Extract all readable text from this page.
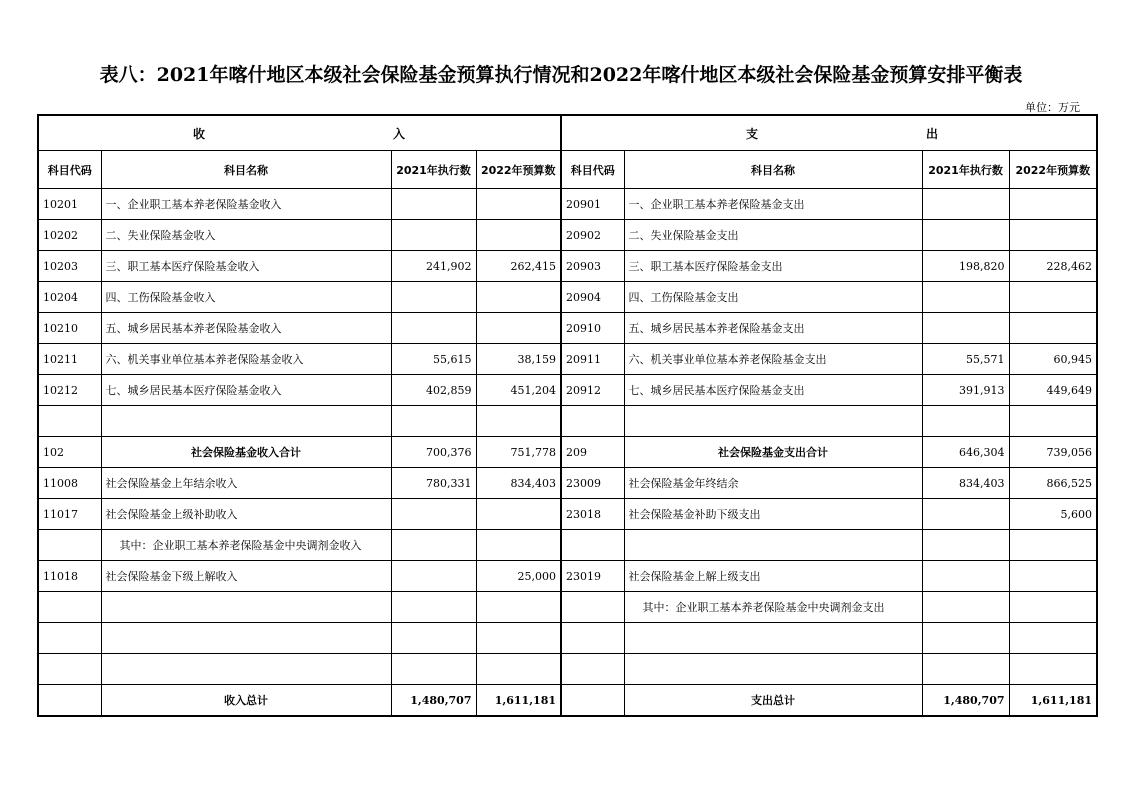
表八：2021年喀什地区本级社会保险基金预算执行情况和2022年喀什地区本级社会保险基金预算安排平衡表
单位：万元
收 入				支 出			
科目代码	科目名称	2021年执行数	2022年预算数	科目代码	科目名称	2021年执行数	2022年预算数
10201	一、企业职工基本养老保险基金收入			20901	一、企业职工基本养老保险基金支出		
10202	二、失业保险基金收入			20902	二、失业保险基金支出		
10203	三、职工基本医疗保险基金收入	241,902	262,415	20903	三、职工基本医疗保险基金支出	198,820	228,462
10204	四、工伤保险基金收入			20904	四、工伤保险基金支出		
10210	五、城乡居民基本养老保险基金收入			20910	五、城乡居民基本养老保险基金支出		
10211	六、机关事业单位基本养老保险基金收入	55,615	38,159	20911	六、机关事业单位基本养老保险基金支出	55,571	60,945
10212	七、城乡居民基本医疗保险基金收入	402,859	451,204	20912	七、城乡居民基本医疗保险基金支出	391,913	449,649

102	社会保险基金收入合计	700,376	751,778	209	社会保险基金支出合计	646,304	739,056
11008	社会保险基金上年结余收入	780,331	834,403	23009	社会保险基金年终结余	834,403	866,525
11017	社会保险基金上级补助收入			23018	社会保险基金补助下级支出		5,600
	其中：企业职工基本养老保险基金中央调剂金收入						
11018	社会保险基金下级上解收入		25,000	23019	社会保险基金上解上级支出		
					其中：企业职工基本养老保险基金中央调剂金支出		

	收入总计	1,480,707	1,611,181		支出总计	1,480,707	1,611,181
